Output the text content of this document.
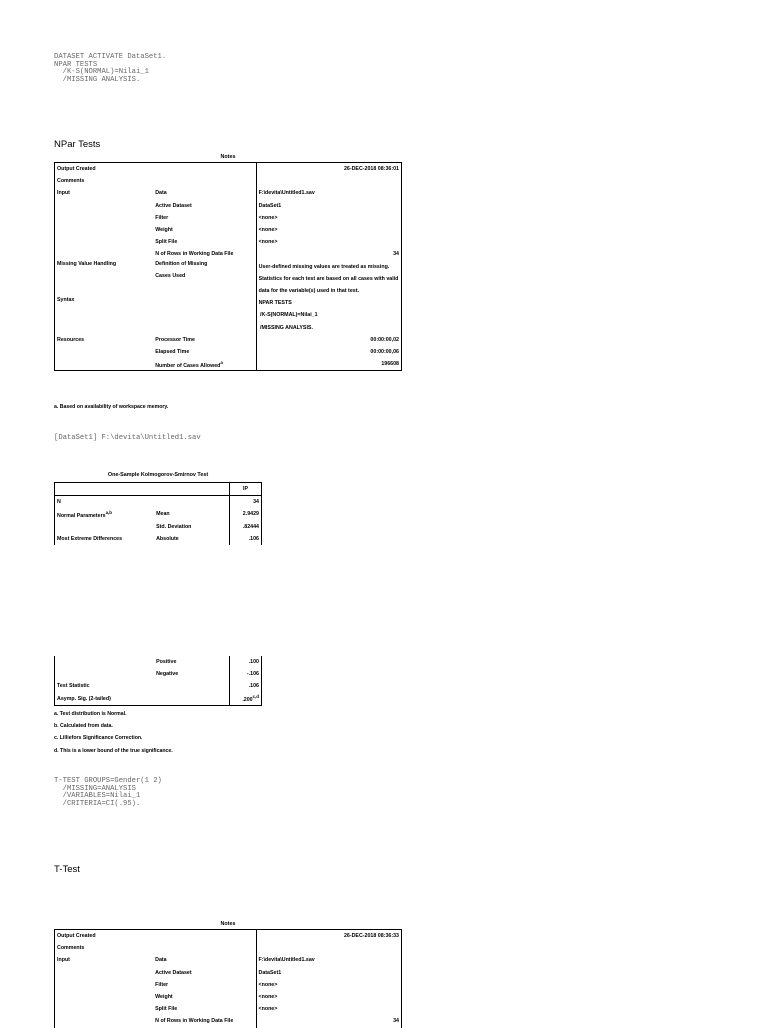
DATASET ACTIVATE DataSet1.
NPAR TESTS
/K-S(NORMAL)=Nilai_1
/MISSING ANALYSIS.
NPar Tests
Notes
Output Created		26-DEC-2018 08:36:01
Comments		
Input	Data	F:\devita\Untitled1.sav
	Active Dataset	DataSet1
	Filter	<none>
	Weight	<none>
	Split File	<none>
	N of Rows in Working Data File	34
Missing Value Handling	Definition of Missing	User-defined missing values are treated as missing.
	Cases Used	Statistics for each test are based on all cases with valid data for the variable(s) used in that test.
Syntax		NPAR TESTS
/K-S(NORMAL)=Nilai_1
/MISSING ANALYSIS.
Resources	Processor Time	00:00:00,02
	Elapsed Time	00:00:00,06
	Number of Cases Allowed$^a$	196608
a. Based on availability of workspace memory.
[DataSet1] F:\devita\Untitled1.sav
One-Sample Kolmogorov-Smirnov Test
		IP
N		34
Normal Parameters$^{a,b}$	Mean	2.9429
	Std. Deviation	.82444
Most Extreme Differences	Absolute	.106
	Positive	.100
	Negative	-.106
Test Statistic		.106
Asymp. Sig. (2-tailed)		.200$^{c,d}$
a. Test distribution is Normal.
b. Calculated from data.
c. Lilliefors Significance Correction.
d. This is a lower bound of the true significance.
T-TEST GROUPS=Gender(1 2)
/MISSING=ANALYSIS
/VARIABLES=Nilai_1
/CRITERIA=CI(.95).
T-Test
Notes
Output Created		26-DEC-2018 08:36:33
Comments		
Input	Data	F:\devita\Untitled1.sav
	Active Dataset	DataSet1
	Filter	<none>
	Weight	<none>
	Split File	<none>
	N of Rows in Working Data File	34
